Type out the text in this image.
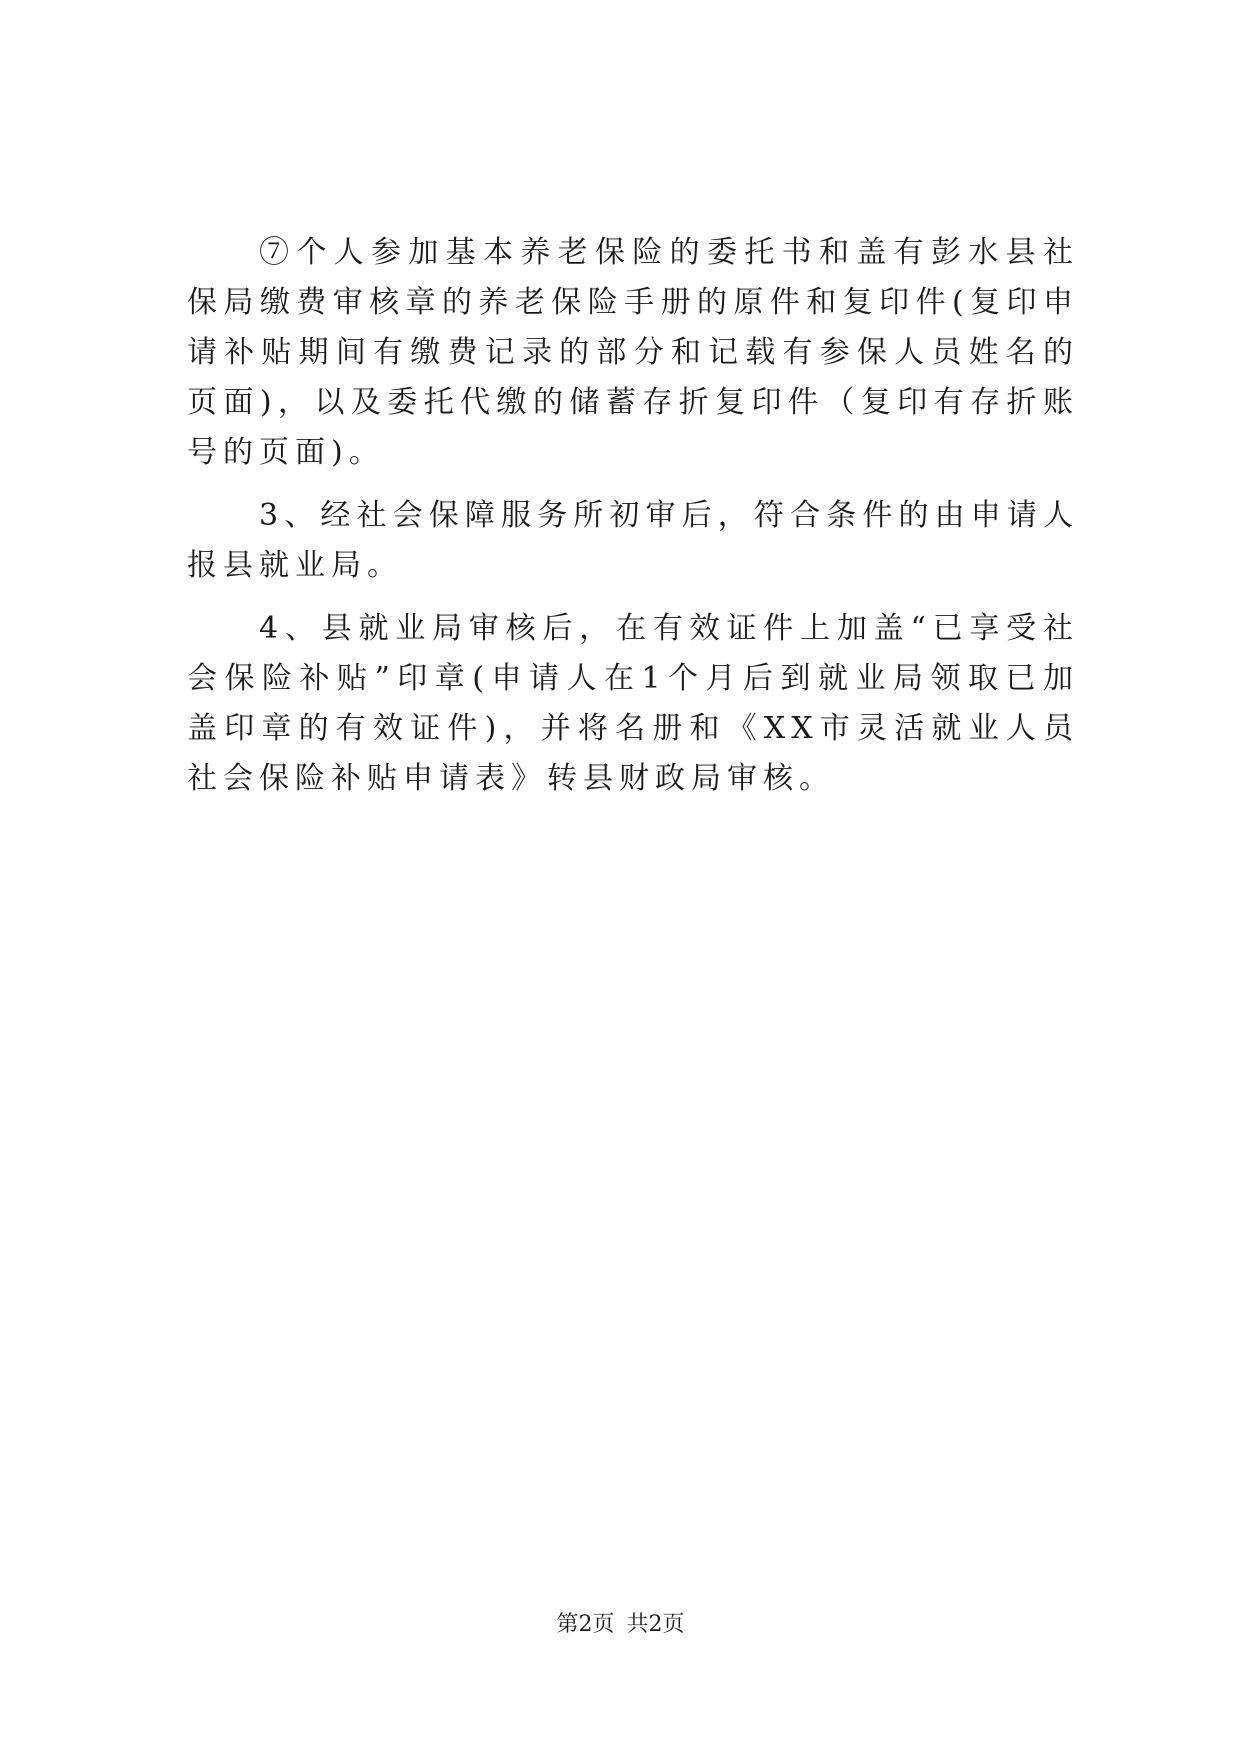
⑦个人参加基本养老保险的委托书和盖有彭水县社保局缴费审核章的养老保险手册的原件和复印件(复印申请补贴期间有缴费记录的部分和记载有参保人员姓名的页面)，以及委托代缴的储蓄存折复印件（复印有存折账号的页面)。

3、经社会保障服务所初审后，符合条件的由申请人报县就业局。

4、县就业局审核后，在有效证件上加盖“已享受社会保险补贴”印章(申请人在1个月后到就业局领取已加盖印章的有效证件)，并将名册和《XX市灵活就业人员社会保险补贴申请表》转县财政局审核。

第2页 共2页
